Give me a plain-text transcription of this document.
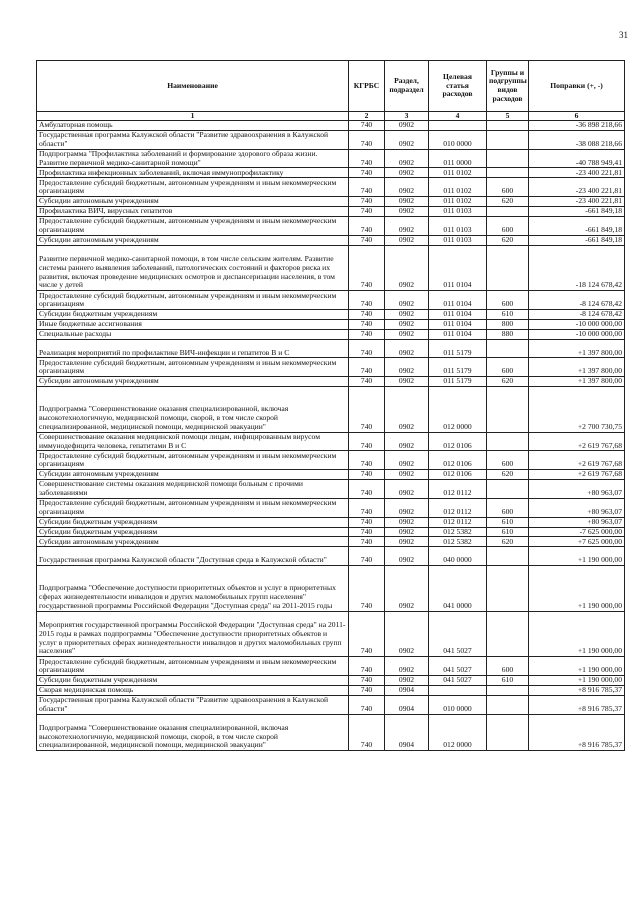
31
Наименование	КГРБС	Раздел, подраздел	Целевая статья расходов	Группы и подгруппы видов расходов	Поправки (+, -)
1	2	3	4	5	6
Амбулаторная помощь	740	0902			-36 898 218,66
Государственная программа Калужской области "Развитие здравоохранения в Калужской области"	740	0902	010 0000		-38 088 218,66
Подпрограмма "Профилактика заболеваний и формирование здорового образа жизни. Развитие первичной медико-санитарной помощи"	740	0902	011 0000		-40 788 949,41
Профилактика инфекционных заболеваний, включая иммунопрофилактику	740	0902	011 0102		-23 400 221,81
Предоставление субсидий бюджетным, автономным учреждениям и иным некоммерческим организациям	740	0902	011 0102	600	-23 400 221,81
Субсидии автономным учреждениям	740	0902	011 0102	620	-23 400 221,81
Профилактика ВИЧ, вирусных гепатитов	740	0902	011 0103		-661 849,18
Предоставление субсидий бюджетным, автономным учреждениям и иным некоммерческим организациям	740	0902	011 0103	600	-661 849,18
Субсидии автономным учреждениям	740	0902	011 0103	620	-661 849,18
Развитие первичной медико-санитарной помощи, в том числе сельским жителям. Развитие системы раннего выявления заболеваний, патологических состояний и факторов риска их развития, включая проведение медицинских осмотров и диспансеризации населения, в том числе у детей	740	0902	011 0104		-18 124 678,42
Предоставление субсидий бюджетным, автономным учреждениям и иным некоммерческим организациям	740	0902	011 0104	600	-8 124 678,42
Субсидии бюджетным учреждениям	740	0902	011 0104	610	-8 124 678,42
Иные бюджетные ассигнования	740	0902	011 0104	800	-10 000 000,00
Специальные расходы	740	0902	011 0104	880	-10 000 000,00
Реализация мероприятий по профилактике ВИЧ-инфекции и гепатитов В и С	740	0902	011 5179		+1 397 800,00
Предоставление субсидий бюджетным, автономным учреждениям и иным некоммерческим организациям	740	0902	011 5179	600	+1 397 800,00
Субсидии автономным учреждениям	740	0902	011 5179	620	+1 397 800,00
Подпрограмма "Совершенствование оказания специализированной, включая высокотехнологичную, медицинской помощи, скорой, в том числе скорой специализированной, медицинской помощи, медицинской эвакуации"	740	0902	012 0000		+2 700 730,75
Совершенствование оказания медицинской помощи лицам, инфицированным вирусом иммунодефицита человека, гепатитами В и С	740	0902	012 0106		+2 619 767,68
Предоставление субсидий бюджетным, автономным учреждениям и иным некоммерческим организациям	740	0902	012 0106	600	+2 619 767,68
Субсидии автономным учреждениям	740	0902	012 0106	620	+2 619 767,68
Совершенствование системы оказания медицинской помощи больным с прочими заболеваниями	740	0902	012 0112		+80 963,07
Предоставление субсидий бюджетным, автономным учреждениям и иным некоммерческим организациям	740	0902	012 0112	600	+80 963,07
Субсидии бюджетным учреждениям	740	0902	012 0112	610	+80 963,07
Субсидии бюджетным учреждениям	740	0902	012 5382	610	-7 625 000,00
Субсидии автономным учреждениям	740	0902	012 5382	620	+7 625 000,00
Государственная программа Калужской области "Доступная среда в Калужской области"	740	0902	040 0000		+1 190 000,00
Подпрограмма "Обеспечение доступности приоритетных объектов и услуг в приоритетных сферах жизнедеятельности инвалидов и других маломобильных групп населения" государственной программы Российской Федерации "Доступная среда" на 2011-2015 годы	740	0902	041 0000		+1 190 000,00
Мероприятия государственной программы Российской Федерации "Доступная среда" на 2011-2015 годы в рамках подпрограммы "Обеспечение доступности приоритетных объектов и услуг в приоритетных сферах жизнедеятельности инвалидов и других маломобильных групп населения"	740	0902	041 5027		+1 190 000,00
Предоставление субсидий бюджетным, автономным учреждениям и иным некоммерческим организациям	740	0902	041 5027	600	+1 190 000,00
Субсидии бюджетным учреждениям	740	0902	041 5027	610	+1 190 000,00
Скорая медицинская помощь	740	0904			+8 916 785,37
Государственная программа Калужской области "Развитие здравоохранения в Калужской области"	740	0904	010 0000		+8 916 785,37
Подпрограмма "Совершенствование оказания специализированной, включая высокотехнологичную, медицинской помощи, скорой, в том числе скорой специализированной, медицинской помощи, медицинской эвакуации"	740	0904	012 0000		+8 916 785,37
